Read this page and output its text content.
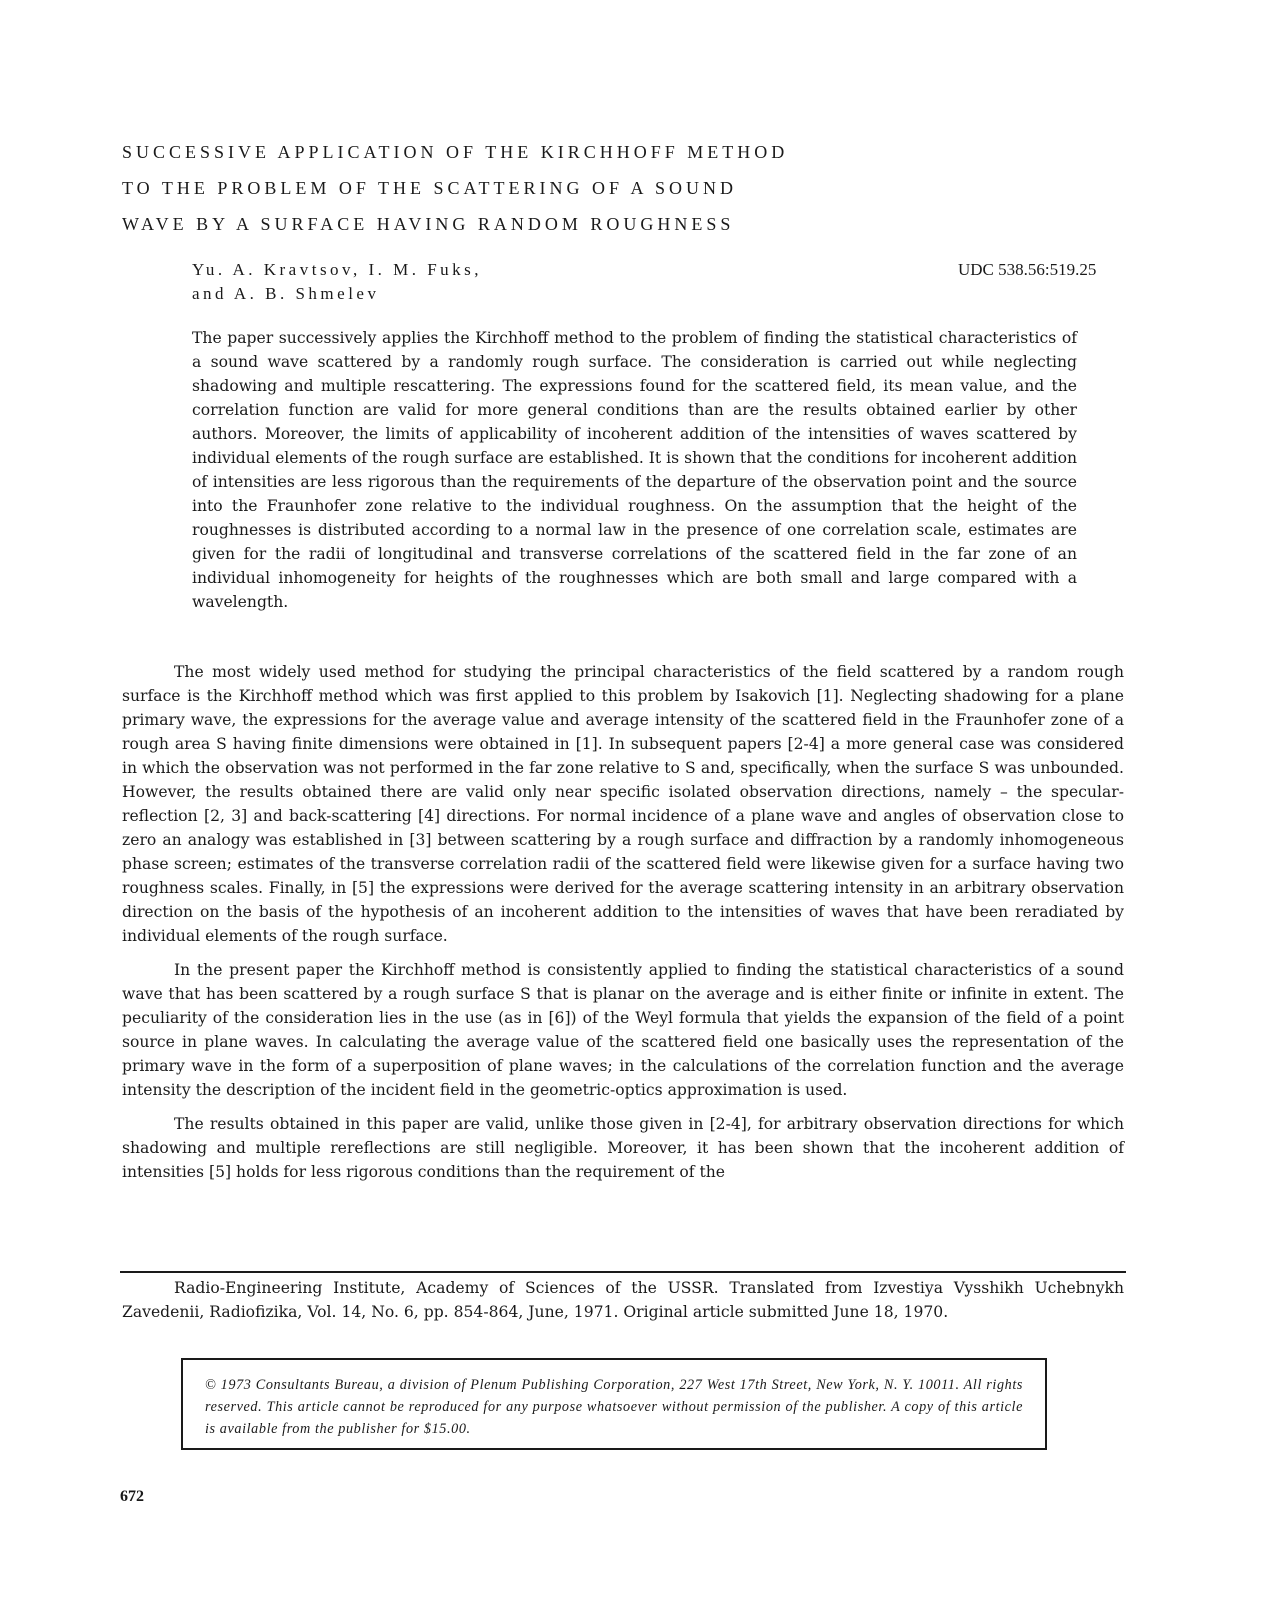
SUCCESSIVE APPLICATION OF THE KIRCHHOFF METHOD
TO THE PROBLEM OF THE SCATTERING OF A SOUND
WAVE BY A SURFACE HAVING RANDOM ROUGHNESS
Yu. A. Kravtsov, I. M. Fuks,
and A. B. Shmelev
UDC 538.56:519.25

The paper successively applies the Kirchhoff method to the problem of finding the statistical characteristics of a sound wave scattered by a randomly rough surface. The consideration is carried out while neglecting shadowing and multiple rescattering. The expressions found for the scattered field, its mean value, and the correlation function are valid for more general conditions than are the results obtained earlier by other authors. Moreover, the limits of applicability of incoherent addition of the intensities of waves scattered by individual elements of the rough surface are established. It is shown that the conditions for incoherent addition of intensities are less rigorous than the requirements of the departure of the observation point and the source into the Fraunhofer zone relative to the individual roughness. On the assumption that the height of the roughnesses is distributed according to a normal law in the presence of one correlation scale, estimates are given for the radii of longitudinal and transverse correlations of the scattered field in the far zone of an individual inhomogeneity for heights of the roughnesses which are both small and large compared with a wavelength.

The most widely used method for studying the principal characteristics of the field scattered by a random rough surface is the Kirchhoff method which was first applied to this problem by Isakovich [1]. Neglecting shadowing for a plane primary wave, the expressions for the average value and average intensity of the scattered field in the Fraunhofer zone of a rough area S having finite dimensions were obtained in [1]. In subsequent papers [2-4] a more general case was considered in which the observation was not performed in the far zone relative to S and, specifically, when the surface S was unbounded. However, the results obtained there are valid only near specific isolated observation directions, namely – the specular-reflection [2, 3] and back-scattering [4] directions. For normal incidence of a plane wave and angles of observation close to zero an analogy was established in [3] between scattering by a rough surface and diffraction by a randomly inhomogeneous phase screen; estimates of the transverse correlation radii of the scattered field were likewise given for a surface having two roughness scales. Finally, in [5] the expressions were derived for the average scattering intensity in an arbitrary observation direction on the basis of the hypothesis of an incoherent addition to the intensities of waves that have been reradiated by individual elements of the rough surface.

In the present paper the Kirchhoff method is consistently applied to finding the statistical characteristics of a sound wave that has been scattered by a rough surface S that is planar on the average and is either finite or infinite in extent. The peculiarity of the consideration lies in the use (as in [6]) of the Weyl formula that yields the expansion of the field of a point source in plane waves. In calculating the average value of the scattered field one basically uses the representation of the primary wave in the form of a superposition of plane waves; in the calculations of the correlation function and the average intensity the description of the incident field in the geometric-optics approximation is used.

The results obtained in this paper are valid, unlike those given in [2-4], for arbitrary observation directions for which shadowing and multiple rereflections are still negligible. Moreover, it has been shown that the incoherent addition of intensities [5] holds for less rigorous conditions than the requirement of the

Radio-Engineering Institute, Academy of Sciences of the USSR. Translated from Izvestiya Vysshikh Uchebnykh Zavedenii, Radiofizika, Vol. 14, No. 6, pp. 854-864, June, 1971. Original article submitted June 18, 1970.

© 1973 Consultants Bureau, a division of Plenum Publishing Corporation, 227 West 17th Street, New York, N. Y. 10011. All rights reserved. This article cannot be reproduced for any purpose whatsoever without permission of the publisher. A copy of this article is available from the publisher for $15.00.
672
